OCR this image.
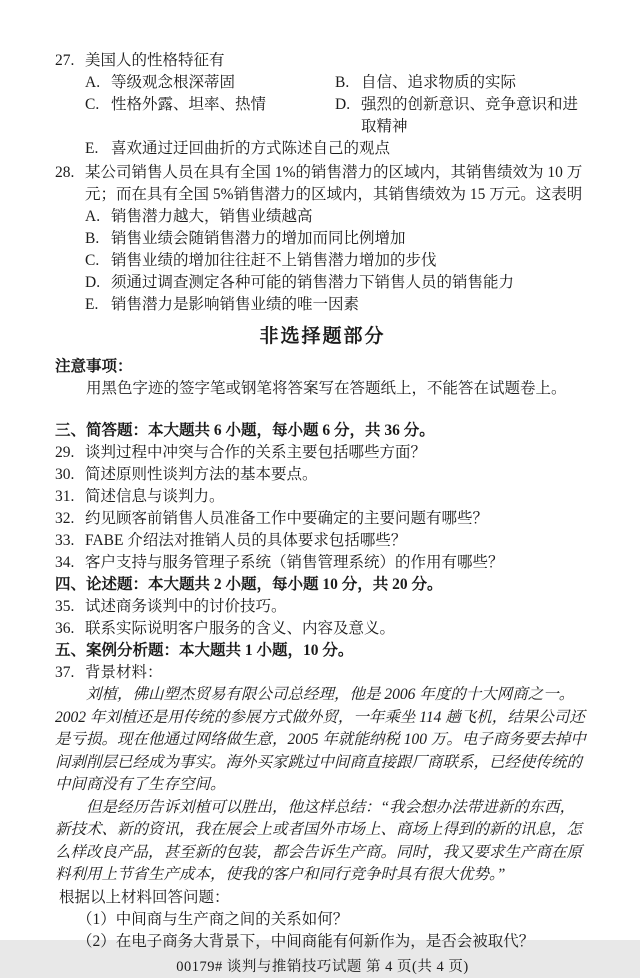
27. 美国人的性格特征有
A. 等级观念根深蒂固	B. 自信、追求物质的实际
C. 性格外露、坦率、热情	D. 强烈的创新意识、竞争意识和进取精神
E. 喜欢通过迂回曲折的方式陈述自己的观点
28. 某公司销售人员在具有全国 1%的销售潜力的区域内，其销售绩效为 10 万元；而在具有全国 5%销售潜力的区域内，其销售绩效为 15 万元。这表明
A. 销售潜力越大，销售业绩越高
B. 销售业绩会随销售潜力的增加而同比例增加
C. 销售业绩的增加往往赶不上销售潜力增加的步伐
D. 须通过调查测定各种可能的销售潜力下销售人员的销售能力
E. 销售潜力是影响销售业绩的唯一因素
非选择题部分
注意事项：
用黑色字迹的签字笔或钢笔将答案写在答题纸上，不能答在试题卷上。
三、简答题：本大题共 6 小题，每小题 6 分，共 36 分。
29. 谈判过程中冲突与合作的关系主要包括哪些方面？
30. 简述原则性谈判方法的基本要点。
31. 简述信息与谈判力。
32. 约见顾客前销售人员准备工作中要确定的主要问题有哪些？
33. FABE 介绍法对推销人员的具体要求包括哪些？
34. 客户支持与服务管理子系统（销售管理系统）的作用有哪些？
四、论述题：本大题共 2 小题，每小题 10 分，共 20 分。
35. 试述商务谈判中的讨价技巧。
36. 联系实际说明客户服务的含义、内容及意义。
五、案例分析题：本大题共 1 小题，10 分。
37. 背景材料：
刘植，佛山塑杰贸易有限公司总经理，他是 2006 年度的十大网商之一。2002 年刘植还是用传统的参展方式做外贸，一年乘坐 114 趟飞机，结果公司还是亏损。现在他通过网络做生意，2005 年就能纳税 100 万。电子商务要去掉中间剥削层已经成为事实。海外买家跳过中间商直接跟厂商联系，已经使传统的中间商没有了生存空间。
但是经历告诉刘植可以胜出，他这样总结：“我会想办法带进新的东西，新技术、新的资讯，我在展会上或者国外市场上、商场上得到的新的讯息，怎么样改良产品，甚至新的包装，都会告诉生产商。同时，我又要求生产商在原料利用上节省生产成本，使我的客户和同行竞争时具有很大优势。”
根据以上材料回答问题：
（1）中间商与生产商之间的关系如何？
（2）在电子商务大背景下，中间商能有何新作为，是否会被取代？
00179# 谈判与推销技巧试题 第 4 页(共 4 页)
